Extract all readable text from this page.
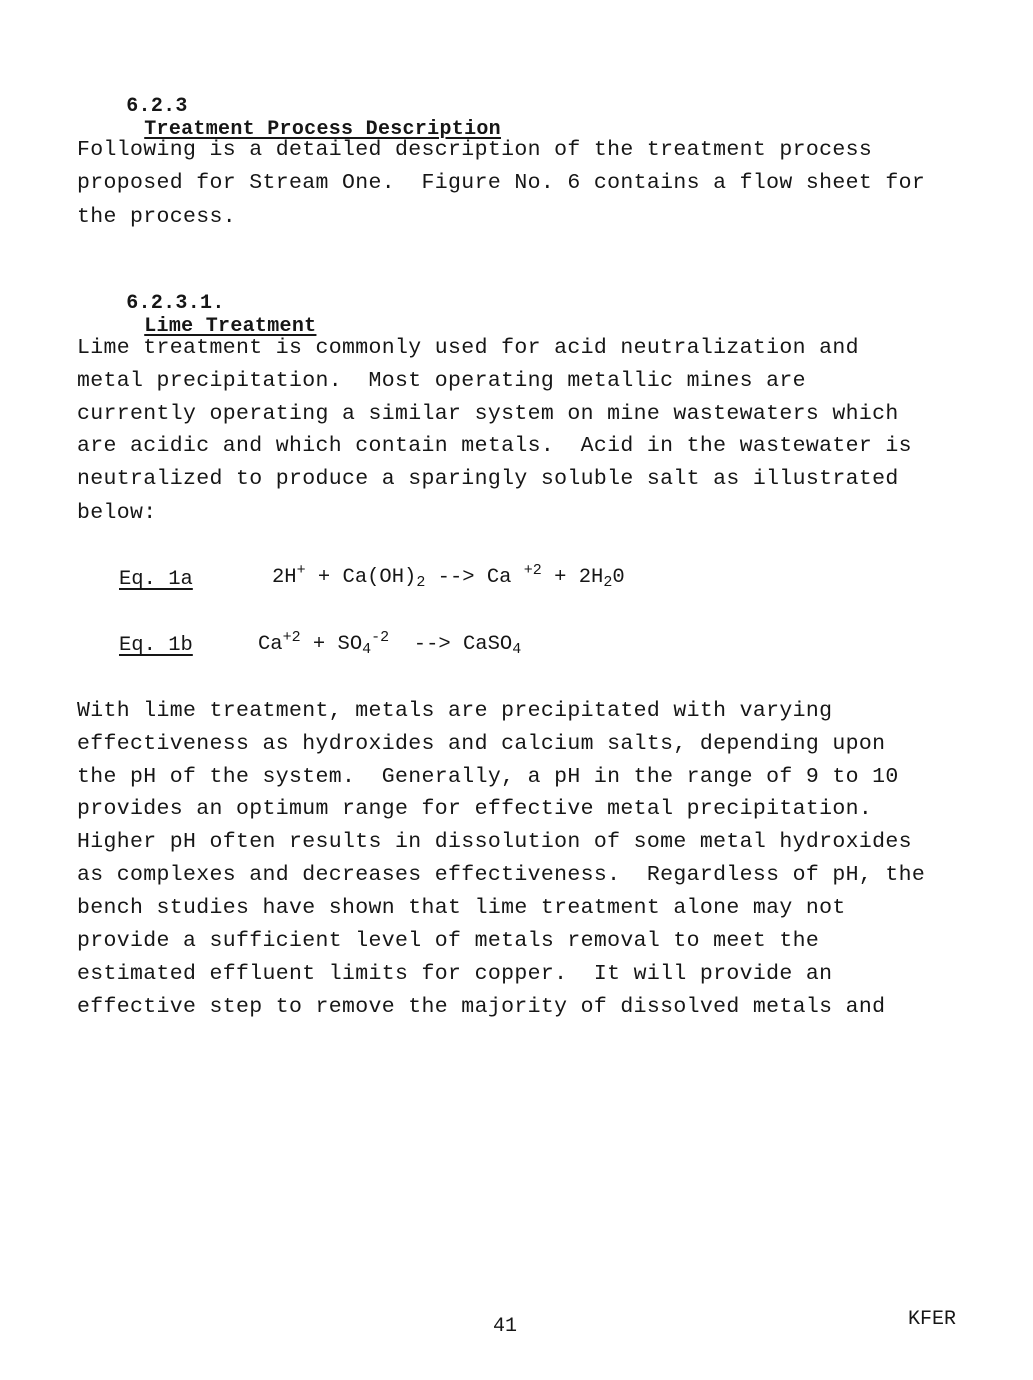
6.2.3
Treatment Process Description

Following is a detailed description of the treatment process
proposed for Stream One.  Figure No. 6 contains a flow sheet for
the process.

6.2.3.1.
Lime Treatment

Lime treatment is commonly used for acid neutralization and
metal precipitation.  Most operating metallic mines are
currently operating a similar system on mine wastewaters which
are acidic and which contain metals.  Acid in the wastewater is
neutralized to produce a sparingly soluble salt as illustrated
below:
Eq. 1a	$2H^+ + Ca(OH)_2$ --> Ca $^{+2} + 2H_20$
Eq. 1b	$Ca^{+2} + SO_4^{-2}$  --> CaSO$_4$
With lime treatment, metals are precipitated with varying
effectiveness as hydroxides and calcium salts, depending upon
the pH of the system.  Generally, a pH in the range of 9 to 10
provides an optimum range for effective metal precipitation.
Higher pH often results in dissolution of some metal hydroxides
as complexes and decreases effectiveness.  Regardless of pH, the
bench studies have shown that lime treatment alone may not
provide a sufficient level of metals removal to meet the
estimated effluent limits for copper.  It will provide an
effective step to remove the majority of dissolved metals and
41	KFER
